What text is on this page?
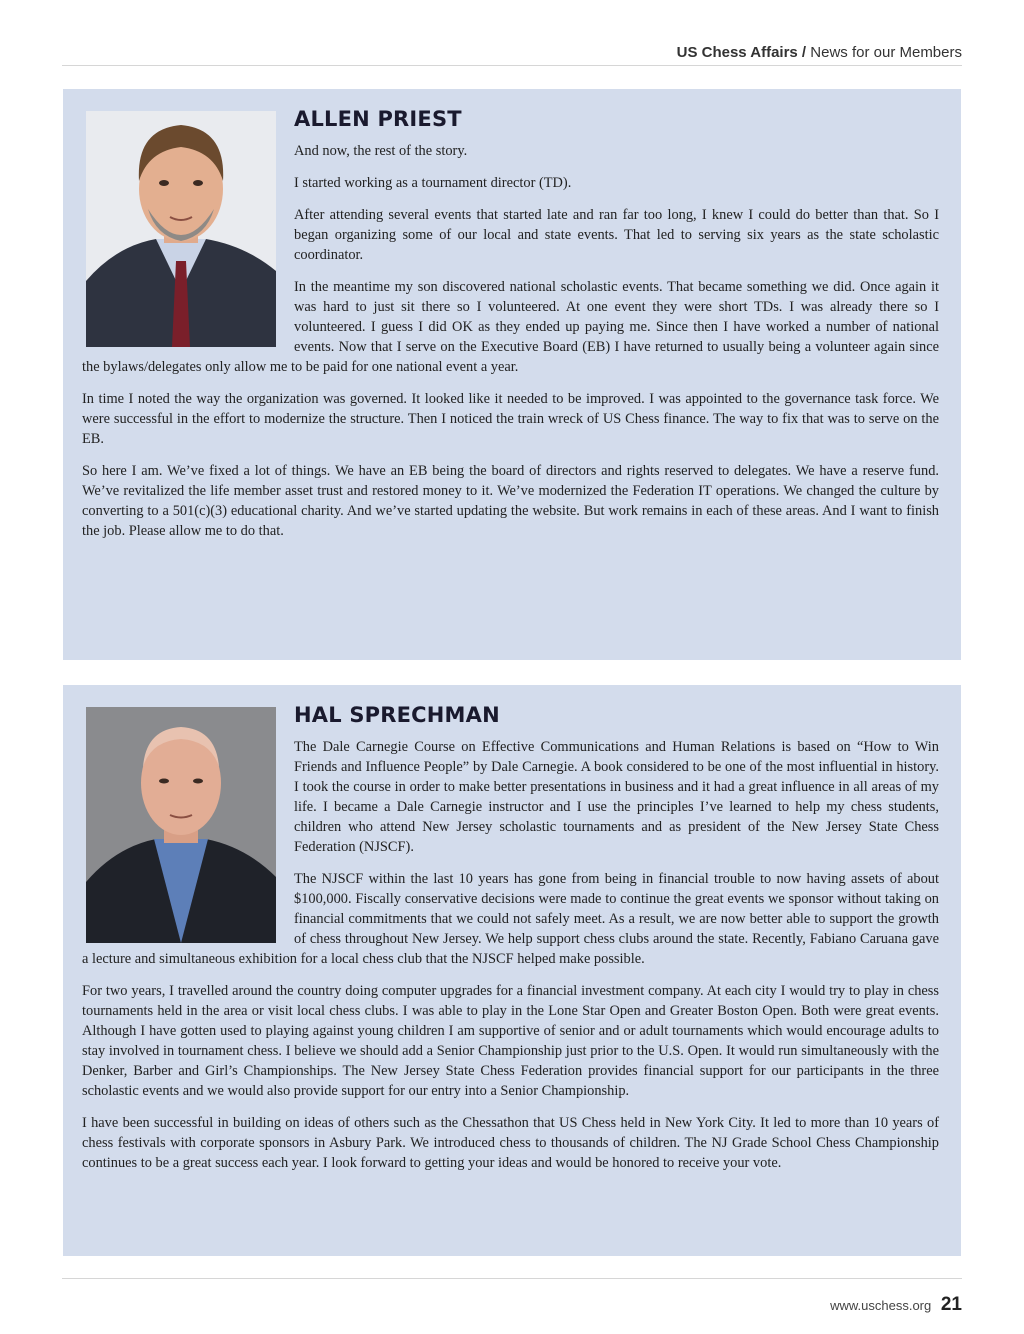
US Chess Affairs / News for our Members
ALLEN PRIEST

And now, the rest of the story.

I started working as a tournament director (TD).

After attending several events that started late and ran far too long, I knew I could do better than that. So I began organizing some of our local and state events. That led to serving six years as the state scholastic coordinator.

In the meantime my son discovered national scholastic events. That became something we did. Once again it was hard to just sit there so I volunteered. At one event they were short TDs. I was already there so I volunteered. I guess I did OK as they ended up paying me. Since then I have worked a number of national events. Now that I serve on the Executive Board (EB) I have returned to usually being a volunteer again since the bylaws/delegates only allow me to be paid for one national event a year.

In time I noted the way the organization was governed. It looked like it needed to be improved. I was appointed to the governance task force. We were successful in the effort to modernize the structure. Then I noticed the train wreck of US Chess finance. The way to fix that was to serve on the EB.

So here I am. We’ve fixed a lot of things. We have an EB being the board of directors and rights reserved to delegates. We have a reserve fund. We’ve revitalized the life member asset trust and restored money to it. We’ve modernized the Federation IT operations. We changed the culture by converting to a 501(c)(3) educational charity. And we’ve started updating the website. But work remains in each of these areas. And I want to finish the job. Please allow me to do that.

HAL SPRECHMAN

The Dale Carnegie Course on Effective Communications and Human Relations is based on “How to Win Friends and Influence People” by Dale Carnegie. A book considered to be one of the most influential in history. I took the course in order to make better presentations in business and it had a great influence in all areas of my life. I became a Dale Carnegie instructor and I use the principles I’ve learned to help my chess students, children who attend New Jersey scholastic tournaments and as president of the New Jersey State Chess Federation (NJSCF).

The NJSCF within the last 10 years has gone from being in financial trouble to now having assets of about $100,000. Fiscally conservative decisions were made to continue the great events we sponsor without taking on financial commitments that we could not safely meet. As a result, we are now better able to support the growth of chess throughout New Jersey. We help support chess clubs around the state. Recently, Fabiano Caruana gave a lecture and simultaneous exhibition for a local chess club that the NJSCF helped make possible.

For two years, I travelled around the country doing computer upgrades for a financial investment company. At each city I would try to play in chess tournaments held in the area or visit local chess clubs. I was able to play in the Lone Star Open and Greater Boston Open. Both were great events. Although I have gotten used to playing against young children I am supportive of senior and or adult tournaments which would encourage adults to stay involved in tournament chess. I believe we should add a Senior Championship just prior to the U.S. Open. It would run simultaneously with the Denker, Barber and Girl’s Championships. The New Jersey State Chess Federation provides financial support for our participants in the three scholastic events and we would also provide support for our entry into a Senior Championship.

I have been successful in building on ideas of others such as the Chessathon that US Chess held in New York City. It led to more than 10 years of chess festivals with corporate sponsors in Asbury Park. We introduced chess to thousands of children. The NJ Grade School Chess Championship continues to be a great success each year. I look forward to getting your ideas and would be honored to receive your vote.

www.uschess.org 21
